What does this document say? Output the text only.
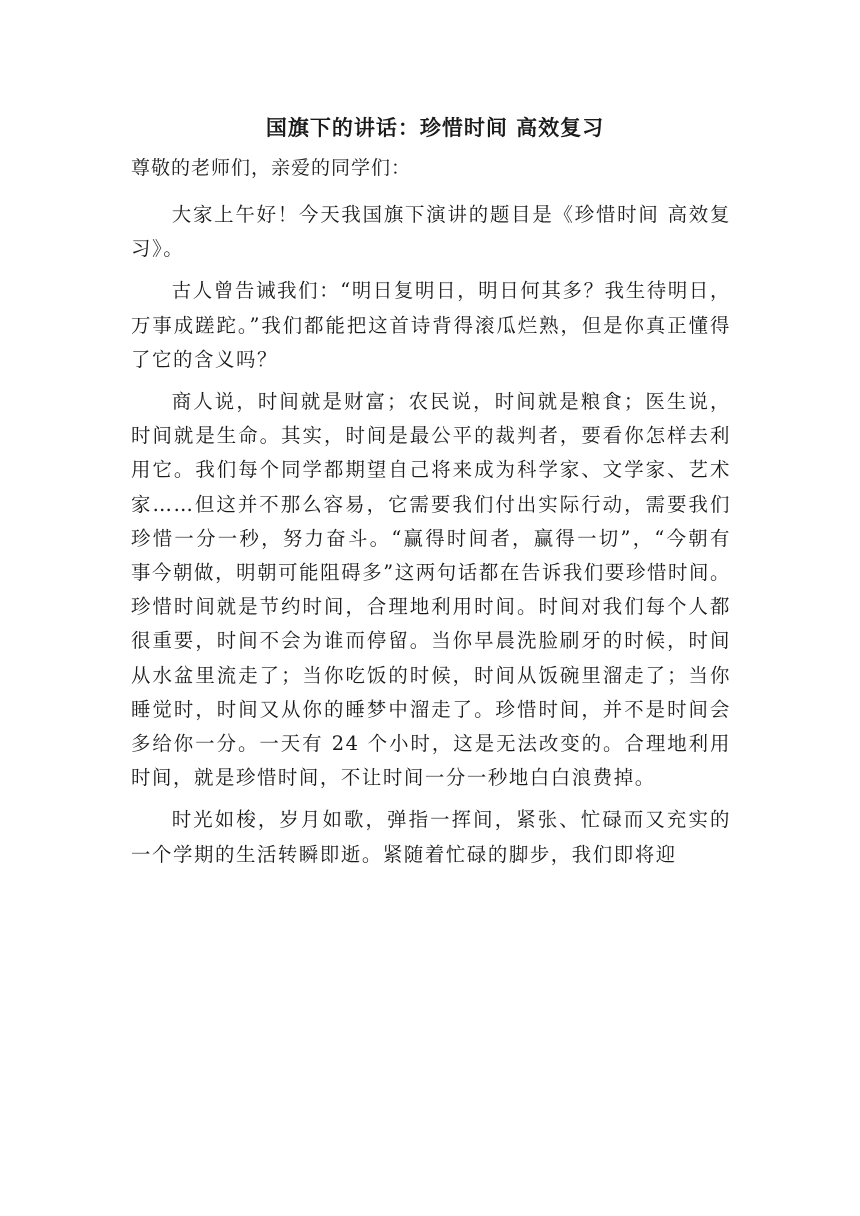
国旗下的讲话：珍惜时间 高效复习

尊敬的老师们，亲爱的同学们：

大家上午好！今天我国旗下演讲的题目是《珍惜时间 高效复习》。

古人曾告诫我们：“明日复明日，明日何其多？我生待明日，万事成蹉跎。”我们都能把这首诗背得滚瓜烂熟，但是你真正懂得了它的含义吗？

商人说，时间就是财富；农民说，时间就是粮食；医生说，时间就是生命。其实，时间是最公平的裁判者，要看你怎样去利用它。我们每个同学都期望自己将来成为科学家、文学家、艺术家……但这并不那么容易，它需要我们付出实际行动，需要我们珍惜一分一秒，努力奋斗。“赢得时间者，赢得一切”，“今朝有事今朝做，明朝可能阻碍多”这两句话都在告诉我们要珍惜时间。珍惜时间就是节约时间，合理地利用时间。时间对我们每个人都很重要，时间不会为谁而停留。当你早晨洗脸刷牙的时候，时间从水盆里流走了；当你吃饭的时候，时间从饭碗里溜走了；当你睡觉时，时间又从你的睡梦中溜走了。珍惜时间，并不是时间会多给你一分。一天有 24 个小时，这是无法改变的。合理地利用时间，就是珍惜时间，不让时间一分一秒地白白浪费掉。

时光如梭，岁月如歌，弹指一挥间，紧张、忙碌而又充实的一个学期的生活转瞬即逝。紧随着忙碌的脚步，我们即将迎
